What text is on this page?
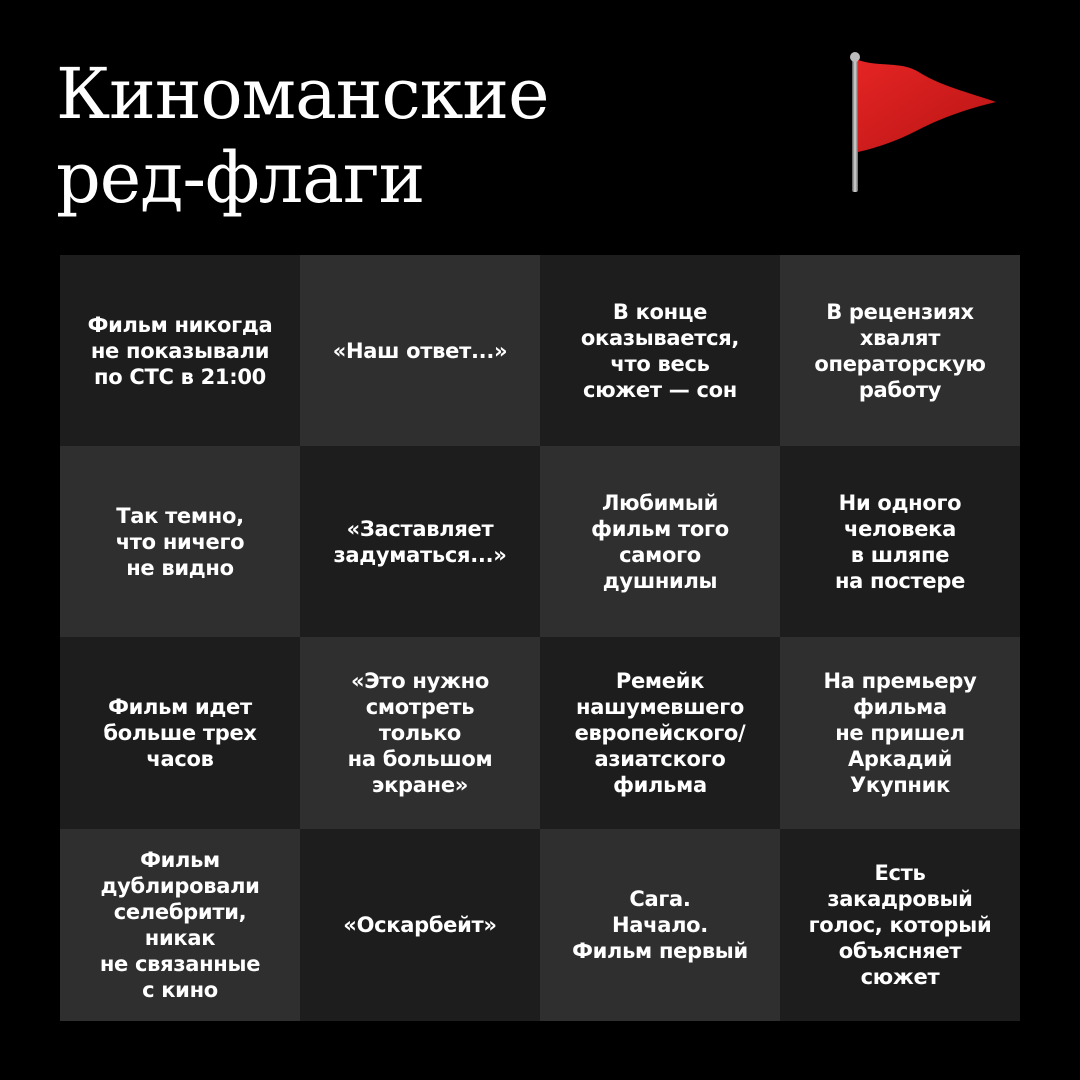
Киноманские
ред-флаги
Фильм никогда
не показывали
по СТС в 21:00
«Наш ответ...»
В конце
оказывается,
что весь
сюжет — сон
В рецензиях
хвалят
операторскую
работу
Так темно,
что ничего
не видно
«Заставляет
задуматься...»
Любимый
фильм того
самого
душнилы
Ни одного
человека
в шляпе
на постере
Фильм идет
больше трех
часов
«Это нужно
смотреть
только
на большом
экране»
Ремейк
нашумевшего
европейского/
азиатского
фильма
На премьеру
фильма
не пришел
Аркадий
Укупник
Фильм
дублировали
селебрити,
никак
не связанные
с кино
«Оскарбейт»
Сага.
Начало.
Фильм первый
Есть
закадровый
голос, который
объясняет
сюжет
